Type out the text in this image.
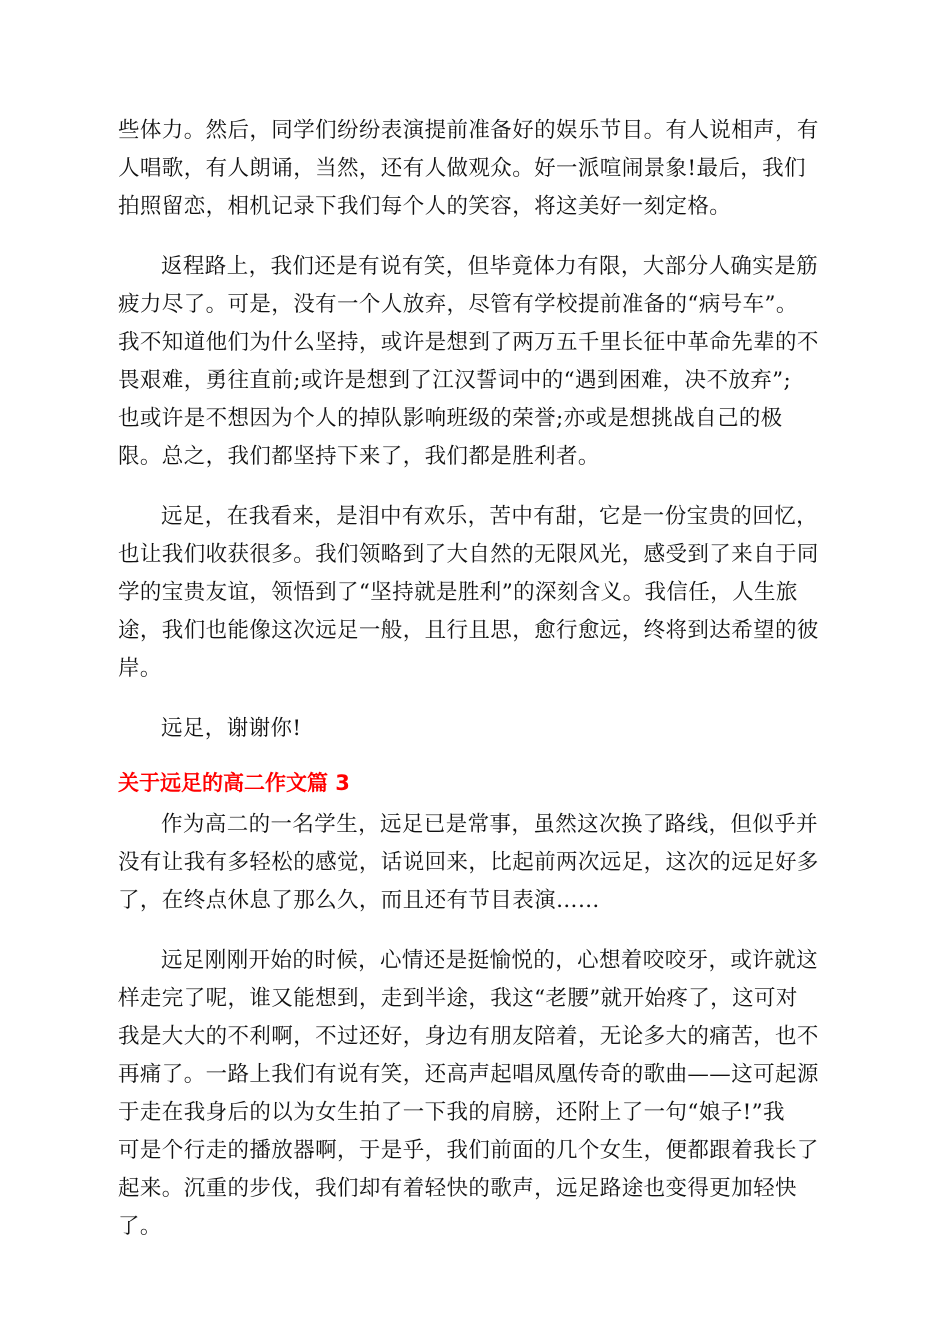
些体力。然后，同学们纷纷表演提前准备好的娱乐节目。有人说相声，有
人唱歌，有人朗诵，当然，还有人做观众。好一派喧闹景象!最后，我们
拍照留恋，相机记录下我们每个人的笑容，将这美好一刻定格。

返程路上，我们还是有说有笑，但毕竟体力有限，大部分人确实是筋
疲力尽了。可是，没有一个人放弃，尽管有学校提前准备的“病号车”。
我不知道他们为什么坚持，或许是想到了两万五千里长征中革命先辈的不
畏艰难，勇往直前;或许是想到了江汉誓词中的“遇到困难，决不放弃”;
也或许是不想因为个人的掉队影响班级的荣誉;亦或是想挑战自己的极
限。总之，我们都坚持下来了，我们都是胜利者。

远足，在我看来，是泪中有欢乐，苦中有甜，它是一份宝贵的回忆，
也让我们收获很多。我们领略到了大自然的无限风光，感受到了来自于同
学的宝贵友谊，领悟到了“坚持就是胜利”的深刻含义。我信任，人生旅
途，我们也能像这次远足一般，且行且思，愈行愈远，终将到达希望的彼
岸。

远足，谢谢你!

关于远足的高二作文篇 3

作为高二的一名学生，远足已是常事，虽然这次换了路线，但似乎并
没有让我有多轻松的感觉，话说回来，比起前两次远足，这次的远足好多
了，在终点休息了那么久，而且还有节目表演……

远足刚刚开始的时候，心情还是挺愉悦的，心想着咬咬牙，或许就这
样走完了呢，谁又能想到，走到半途，我这“老腰”就开始疼了，这可对
我是大大的不利啊，不过还好，身边有朋友陪着，无论多大的痛苦，也不
再痛了。一路上我们有说有笑，还高声起唱凤凰传奇的歌曲——这可起源
于走在我身后的以为女生拍了一下我的肩膀，还附上了一句“娘子!”我
可是个行走的播放器啊，于是乎，我们前面的几个女生，便都跟着我长了
起来。沉重的步伐，我们却有着轻快的歌声，远足路途也变得更加轻快
了。
